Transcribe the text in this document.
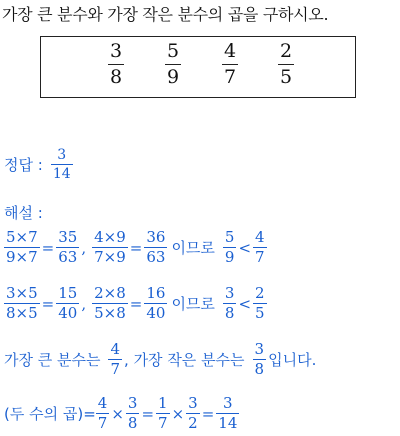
가장 큰 분수와 가장 작은 분수의 곱을 구하시오.
$\frac{3}{8} \frac{5}{9} \frac{4}{7} \frac{2}{5}$
정답 : $\frac{3}{14}$
해설 :
$\frac{5\times 7}{9\times 7} = \frac{35}{63}$ , $\frac{4\times 9}{7\times 9} = \frac{36}{63}$ 이므로 $\frac{5}{9} < \frac{4}{7}$
$\frac{3\times 5}{8\times 5} = \frac{15}{40}$ , $\frac{2\times 8}{5\times 8} = \frac{16}{40}$ 이므로 $\frac{3}{8} < \frac{2}{5}$
가장 큰 분수는 $\frac{4}{7}$ , 가장 작은 분수는 $\frac{3}{8}$ 입니다.
(두 수의 곱)= $\frac{4}{7} \times \frac{3}{8} = \frac{1}{7} \times \frac{3}{2} = \frac{3}{14}$
